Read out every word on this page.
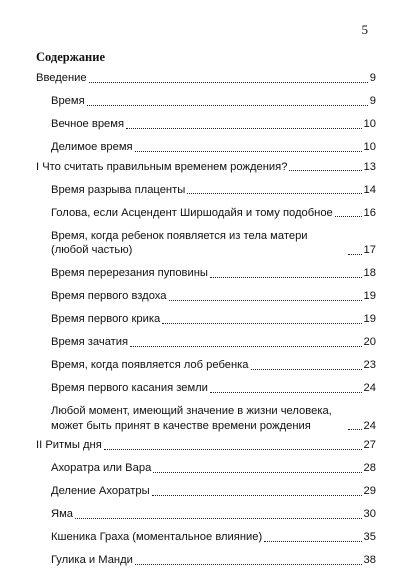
5
Содержание
Введение	9
Время	9
Вечное время	10
Делимое время	10
I Что считать правильным временем рождения?	13
Время разрыва плаценты	14
Голова, если Асцендент Ширшодайя и тому подобное	16
Время, когда ребенок появляется из тела матери (любой частью)	17
Время перерезания пуповины	18
Время первого вздоха	19
Время первого крика	19
Время зачатия	20
Время, когда появляется лоб ребенка	23
Время первого касания земли	24
Любой момент, имеющий значение в жизни человека, может быть принят в качестве времени рождения	24
II Ритмы дня	27
Ахоратра или Вара	28
Деление Ахоратры	29
Яма	30
Кшеника Граха (моментальное влияние)	35
Гулика и Манди	38
